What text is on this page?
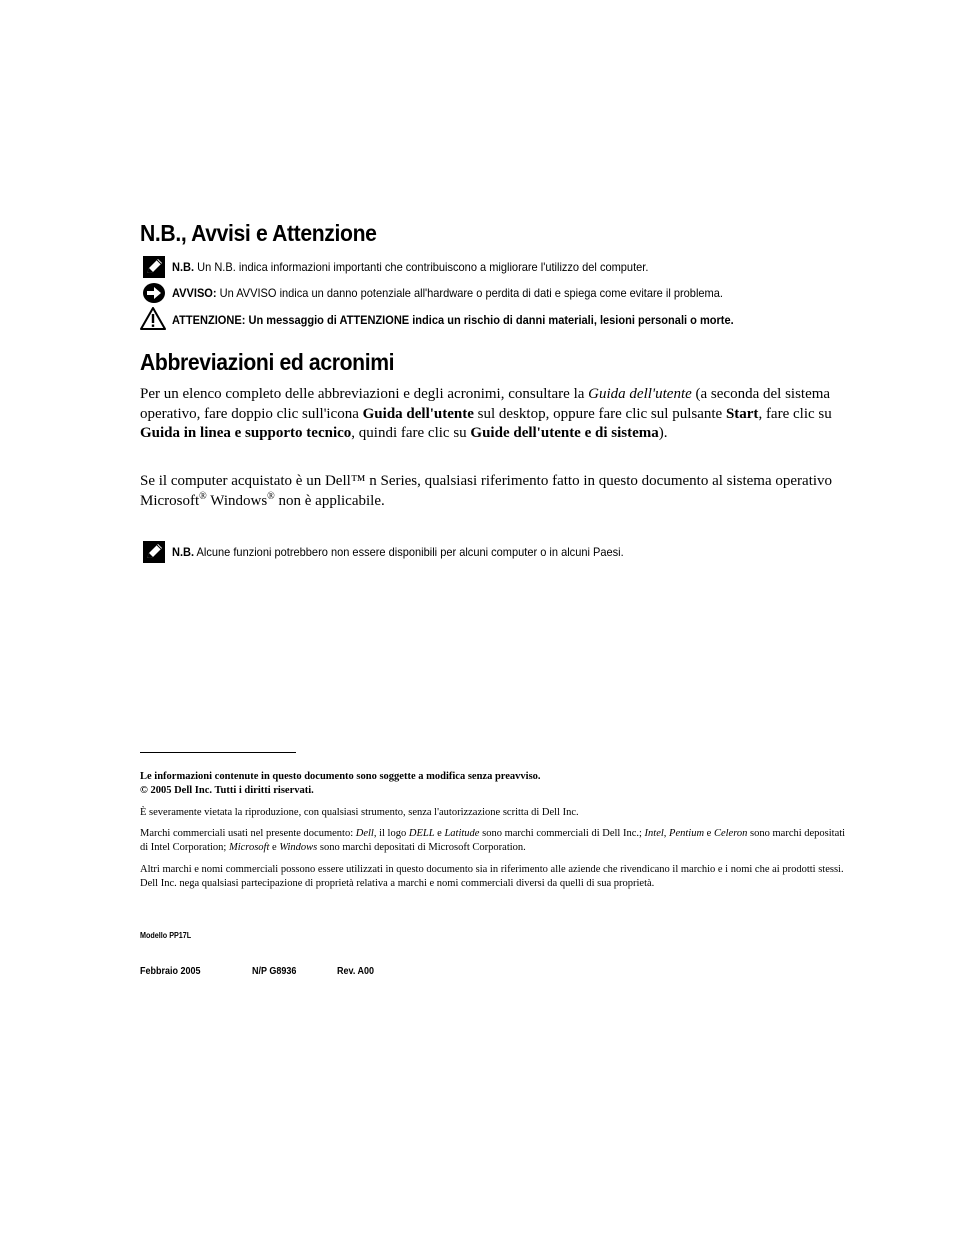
N.B., Avvisi e Attenzione
N.B. Un N.B. indica informazioni importanti che contribuiscono a migliorare l'utilizzo del computer.
AVVISO: Un AVVISO indica un danno potenziale all'hardware o perdita di dati e spiega come evitare il problema.
ATTENZIONE: Un messaggio di ATTENZIONE indica un rischio di danni materiali, lesioni personali o morte.
Abbreviazioni ed acronimi
Per un elenco completo delle abbreviazioni e degli acronimi, consultare la Guida dell'utente (a seconda del sistema operativo, fare doppio clic sull'icona Guida dell'utente sul desktop, oppure fare clic sul pulsante Start, fare clic su Guida in linea e supporto tecnico, quindi fare clic su Guide dell'utente e di sistema).
Se il computer acquistato è un Dell™ n Series, qualsiasi riferimento fatto in questo documento al sistema operativo Microsoft® Windows® non è applicabile.
N.B. Alcune funzioni potrebbero non essere disponibili per alcuni computer o in alcuni Paesi.
Le informazioni contenute in questo documento sono soggette a modifica senza preavviso.
© 2005 Dell Inc. Tutti i diritti riservati.
È severamente vietata la riproduzione, con qualsiasi strumento, senza l'autorizzazione scritta di Dell Inc.
Marchi commerciali usati nel presente documento: Dell, il logo DELL e Latitude sono marchi commerciali di Dell Inc.; Intel, Pentium e Celeron sono marchi depositati di Intel Corporation; Microsoft e Windows sono marchi depositati di Microsoft Corporation.
Altri marchi e nomi commerciali possono essere utilizzati in questo documento sia in riferimento alle aziende che rivendicano il marchio e i nomi che ai prodotti stessi. Dell Inc. nega qualsiasi partecipazione di proprietà relativa a marchi e nomi commerciali diversi da quelli di sua proprietà.
Modello PP17L
Febbraio 2005	N/P G8936	Rev. A00
